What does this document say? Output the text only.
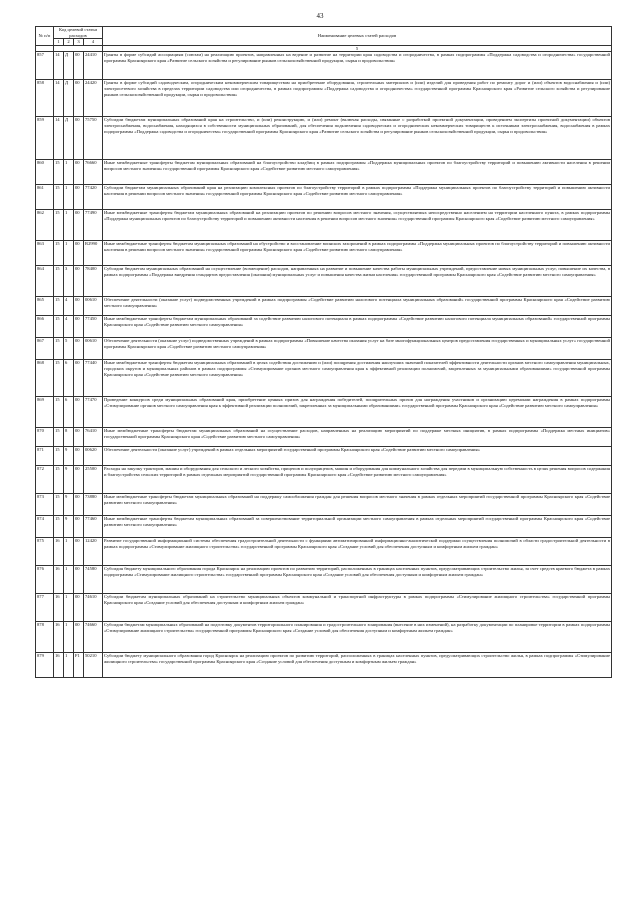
43
№ п/п	Код целевой статьи расходов				Наименование целевых статей расходов
	1	2	3	4	
					5
857	14	Д	00	24410	Гранты в форме субсидий ассоциациям (союзам) на реализацию проектов, направленных на ведение и развитие на территории края садоводства и огородничества, в рамках подпрограммы «Поддержка садоводства и огородничества» государственной программы Красноярского края «Развитие сельского хозяйства и регулирование рынков сельскохозяйственной продукции, сырья и продовольствия»
858	14	Д	00	24420	Гранты в форме субсидий садоводческим, огородническим некоммерческим товариществам на приобретение оборудования, строительных материалов и (или) изделий для проведения работ по ремонту дорог и (или) объектов водоснабжения и (или) электросетевого хозяйства в пределах территории садоводства или огородничества, в рамках подпрограммы «Поддержка садоводства и огородничества» государственной программы Красноярского края «Развитие сельского хозяйства и регулирование рынков сельскохозяйственной продукции, сырья и продовольствия»
859	14	Д	00	75750	Субсидии бюджетам муниципальных образований края на строительство, и (или) реконструкцию, и (или) ремонт (включая расходы, связанные с разработкой проектной документации, проведением экспертизы проектной документации) объектов электроснабжения, водоснабжения, находящихся в собственности муниципальных образований, для обеспечения подключения садоводческих и огороднических некоммерческих товариществ к источникам электроснабжения, водоснабжения в рамках подпрограммы «Поддержка садоводства и огородничества» государственной программы Красноярского края «Развитие сельского хозяйства и регулирование рынков сельскохозяйственной продукции, сырья и продовольствия»
860	15	1	00	76660	Иные межбюджетные трансферты бюджетам муниципальных образований на благоустройство кладбищ в рамках подпрограммы «Поддержка муниципальных проектов по благоустройству территорий и повышению активности населения в решении вопросов местного значения» государственной программы Красноярского края «Содействие развитию местного самоуправления»
861	15	1	00	77420	Субсидии бюджетам муниципальных образований края на реализацию комплексных проектов по благоустройству территорий в рамках подпрограммы «Поддержка муниципальных проектов по благоустройству территорий и повышению активности населения в решении вопросов местного значения» государственной программы Красноярского края «Содействие развитию местного самоуправления»
862	15	1	00	77490	Иные межбюджетные трансферты бюджетам муниципальных образований на реализацию проектов по решению вопросов местного значения, осуществляемых непосредственно населением на территории населенного пункта, в рамках подпрограммы «Поддержка муниципальных проектов по благоустройству территорий и повышению активности населения в решении вопросов местного значения» государственной программы Красноярского края «Содействие развитию местного самоуправления»
863	15	1	00	R2990	Иные межбюджетные трансферты бюджетам муниципальных образований на обустройство и восстановление воинских захоронений в рамках подпрограммы «Поддержка муниципальных проектов по благоустройству территорий и повышению активности населения в решении вопросов местного значения» государственной программы Красноярского края «Содействие развитию местного самоуправления»
864	15	3	00	78400	Субсидии бюджетам муниципальных образований на осуществление (возмещение) расходов, направленных на развитие и повышение качества работы муниципальных учреждений, предоставление новых муниципальных услуг, повышение их качества, в рамках подпрограммы «Поддержка внедрения стандартов предоставления (оказания) муниципальных услуг и повышения качества жизни населения» государственной программы Красноярского края «Содействие развитию местного самоуправления»
865	15	4	00	00610	Обеспечение деятельности (оказание услуг) подведомственных учреждений в рамках подпрограммы «Содействие развитию налогового потенциала муниципальных образований» государственной программы Красноярского края «Содействие развитию местного самоуправления»
866	15	4	00	77450	Иные межбюджетные трансферты бюджетам муниципальных образований за содействие развитию налогового потенциала в рамках подпрограммы «Содействие развитию налогового потенциала муниципальных образований» государственной программы Красноярского края «Содействие развитию местного самоуправления»
867	15	5	00	00610	Обеспечение деятельности (оказание услуг) подведомственных учреждений в рамках подпрограммы «Повышение качества оказания услуг на базе многофункциональных центров предоставления государственных и муниципальных услуг» государственной программы Красноярского края «Содействие развитию местного самоуправления»
868	15	6	00	77440	Иные межбюджетные трансферты бюджетам муниципальных образований в целях содействия достижению и (или) поощрения достижения наилучших значений показателей эффективности деятельности органов местного самоуправления муниципальных, городских округов и муниципальных районов в рамках подпрограммы «Стимулирование органов местного самоуправления края к эффективной реализации полномочий, закрепленных за муниципальными образованиями» государственной программы Красноярского края «Содействие развитию местного самоуправления»
869	15	6	00	77470	Проведение конкурсов среди муниципальных образований края, приобретение ценных призов для награждения победителей, поощрительных призов для награждения участников и организацию церемонии награждения в рамках подпрограммы «Стимулирование органов местного самоуправления края к эффективной реализации полномочий, закрепленных за муниципальными образованиями» государственной программы Красноярского края «Содействие развитию местного самоуправления»
870	15	8	00	76410	Иные межбюджетные трансферты бюджетам муниципальных образований на осуществление расходов, направленных на реализацию мероприятий по поддержке местных инициатив, в рамках подпрограммы «Поддержка местных инициатив» государственной программы Красноярского края «Содействие развитию местного самоуправления»
871	15	9	00	00620	Обеспечение деятельности (оказание услуг) учреждений в рамках отдельных мероприятий государственной программы Красноярского края «Содействие развитию местного самоуправления»
872	15	9	00	25500	Расходы на закупку тракторов, машин и оборудования для сельского и лесного хозяйства, прицепов и полуприцепов, машин и оборудования для коммунального хозяйства для передачи в муниципальную собственность в целях решения вопросов содержания и благоустройства сельских территорий в рамках отдельных мероприятий государственной программы Красноярского края «Содействие развитию местного самоуправления»
873	15	9	00	73880	Иные межбюджетные трансферты бюджетам муниципальных образований на поддержку самообложения граждан для решения вопросов местного значения в рамках отдельных мероприятий государственной программы Красноярского края «Содействие развитию местного самоуправления»
874	15	9	00	77460	Иные межбюджетные трансферты бюджетам муниципальных образований за совершенствование территориальной организации местного самоуправления в рамках отдельных мероприятий государственной программы Красноярского края «Содействие развитию местного самоуправления»
875	16	1	00	12420	Развитие государственной информационной системы обеспечения градостроительной деятельности с функциями автоматизированной информационно-аналитической поддержки осуществления полномочий в области градостроительной деятельности в рамках подпрограммы «Стимулирование жилищного строительства» государственной программы Красноярского края «Создание условий для обеспечения доступным и комфортным жильем граждан»
876	16	1	00	74580	Субсидия бюджету муниципального образования города Красноярск на реализацию проектов по развитию территорий, расположенных в границах населенных пунктов, предусматривающих строительство жилья, за счет средств краевого бюджета в рамках подпрограммы «Стимулирование жилищного строительства» государственной программы Красноярского края «Создание условий для обеспечения доступным и комфортным жильем граждан»
877	16	1	00	74610	Субсидии бюджетам муниципальных образований на строительство муниципальных объектов коммунальной и транспортной инфраструктуры в рамках подпрограммы «Стимулирование жилищного строительства» государственной программы Красноярского края «Создание условий для обеспечения доступным и комфортным жильем граждан»
878	16	1	00	74660	Субсидии бюджетам муниципальных образований на подготовку документов территориального планирования и градостроительного зонирования (внесение в них изменений), на разработку документации по планировке территории в рамках подпрограммы «Стимулирование жилищного строительства» государственной программы Красноярского края «Создание условий для обеспечения доступным и комфортным жильем граждан»
879	16	1	F1	50210	Субсидии бюджету муниципального образования город Красноярск на реализацию проектов по развитию территорий, расположенных в границах населенных пунктов, предусматривающих строительство жилья, в рамках подпрограммы «Стимулирование жилищного строительства» государственной программы Красноярского края «Создание условий для обеспечения доступным и комфортным жильем граждан»
